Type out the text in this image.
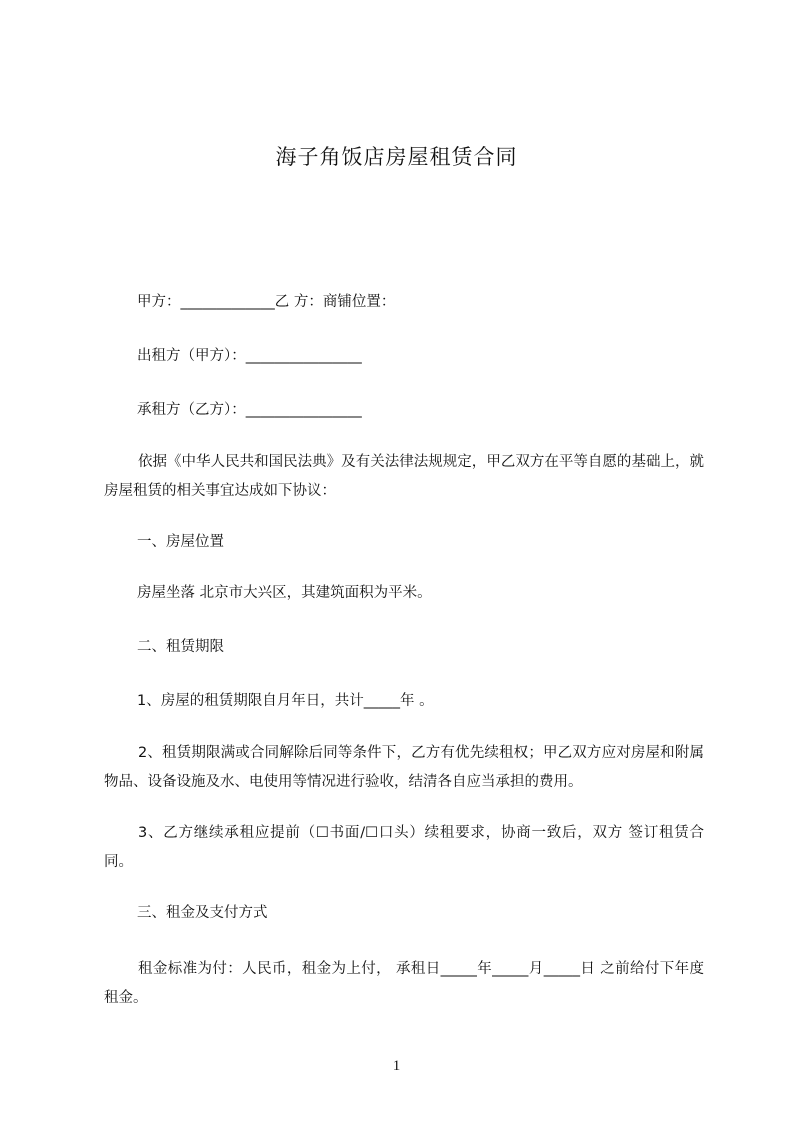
海子角饭店房屋租赁合同

甲方：_____________乙 方：商铺位置：

出租方（甲方）：________________

承租方（乙方）：________________

依据《中华人民共和国民法典》及有关法律法规规定，甲乙双方在平等自愿的基础上，就房屋租赁的相关事宜达成如下协议：

一、房屋位置

房屋坐落 北京市大兴区，其建筑面积为平米。

二、租赁期限

1、房屋的租赁期限自月年日，共计_____年 。

2、租赁期限满或合同解除后同等条件下，乙方有优先续租权；甲乙双方应对房屋和附属物品、设备设施及水、电使用等情况进行验收，结清各自应当承担的费用。

3、乙方继续承租应提前（☐书面/☐口头）续租要求，协商一致后，双方 签订租赁合同。

三、租金及支付方式

租金标准为付：人民币，租金为上付， 承租日_____年_____月_____日 之前给付下年度租金。

1
